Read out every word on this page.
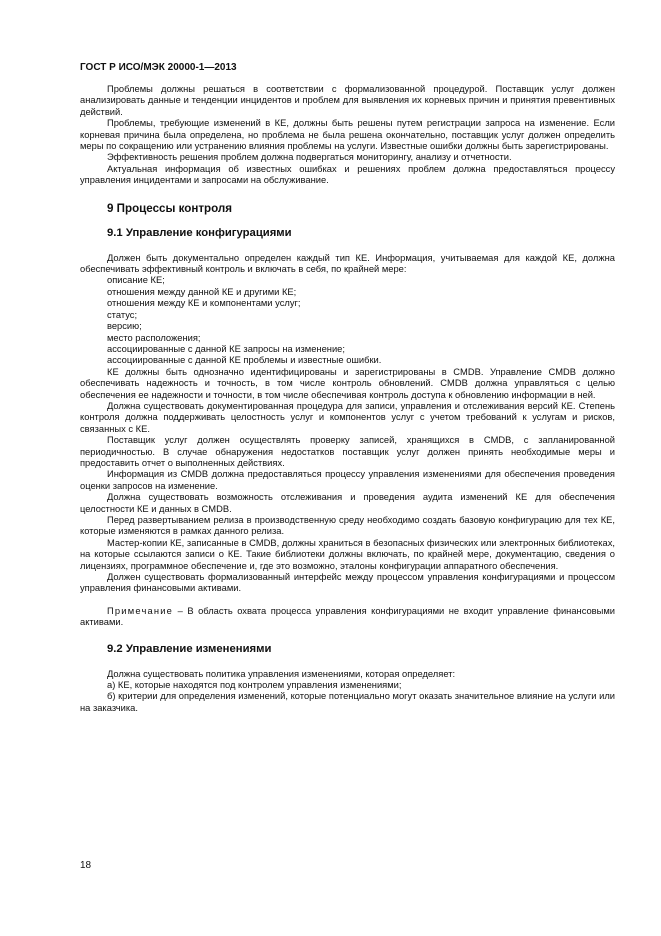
ГОСТ Р ИСО/МЭК 20000-1—2013

Проблемы должны решаться в соответствии с формализованной процедурой. Поставщик услуг должен анализировать данные и тенденции инцидентов и проблем для выявления их корневых причин и принятия превентивных действий.

Проблемы, требующие изменений в КЕ, должны быть решены путем регистрации запроса на изменение. Если корневая причина была определена, но проблема не была решена окончательно, поставщик услуг должен определить меры по сокращению или устранению влияния проблемы на услуги. Известные ошибки должны быть зарегистрированы.

Эффективность решения проблем должна подвергаться мониторингу, анализу и отчетности.

Актуальная информация об известных ошибках и решениях проблем должна предоставляться процессу управления инцидентами и запросами на обслуживание.

9 Процессы контроля
9.1 Управление конфигурациями

Должен быть документально определен каждый тип КЕ. Информация, учитываемая для каждой КЕ, должна обеспечивать эффективный контроль и включать в себя, по крайней мере:

описание КЕ;

отношения между данной КЕ и другими КЕ;

отношения между КЕ и компонентами услуг;

статус;

версию;

место расположения;

ассоциированные с данной КЕ запросы на изменение;

ассоциированные с данной КЕ проблемы и известные ошибки.

КЕ должны быть однозначно идентифицированы и зарегистрированы в CMDB. Управление CMDB должно обеспечивать надежность и точность, в том числе контроль обновлений. CMDB должна управляться с целью обеспечения ее надежности и точности, в том числе обеспечивая контроль доступа к обновлению информации в ней.

Должна существовать документированная процедура для записи, управления и отслеживания версий КЕ. Степень контроля должна поддерживать целостность услуг и компонентов услуг с учетом требований к услугам и рисков, связанных с КЕ.

Поставщик услуг должен осуществлять проверку записей, хранящихся в CMDB, с запланированной периодичностью. В случае обнаружения недостатков поставщик услуг должен принять необходимые меры и предоставить отчет о выполненных действиях.

Информация из CMDB должна предоставляться процессу управления изменениями для обеспечения проведения оценки запросов на изменение.

Должна существовать возможность отслеживания и проведения аудита изменений КЕ для обеспечения целостности КЕ и данных в CMDB.

Перед развертыванием релиза в производственную среду необходимо создать базовую конфигурацию для тех КЕ, которые изменяются в рамках данного релиза.

Мастер-копии КЕ, записанные в CMDB, должны храниться в безопасных физических или электронных библиотеках, на которые ссылаются записи о КЕ. Такие библиотеки должны включать, по крайней мере, документацию, сведения о лицензиях, программное обеспечение и, где это возможно, эталоны конфигурации аппаратного обеспечения.

Должен существовать формализованный интерфейс между процессом управления конфигурациями и процессом управления финансовыми активами.

Примечание – В область охвата процесса управления конфигурациями не входит управление финансовыми активами.

9.2 Управление изменениями

Должна существовать политика управления изменениями, которая определяет:

а) КЕ, которые находятся под контролем управления изменениями;

б) критерии для определения изменений, которые потенциально могут оказать значительное влияние на услуги или на заказчика.

18
